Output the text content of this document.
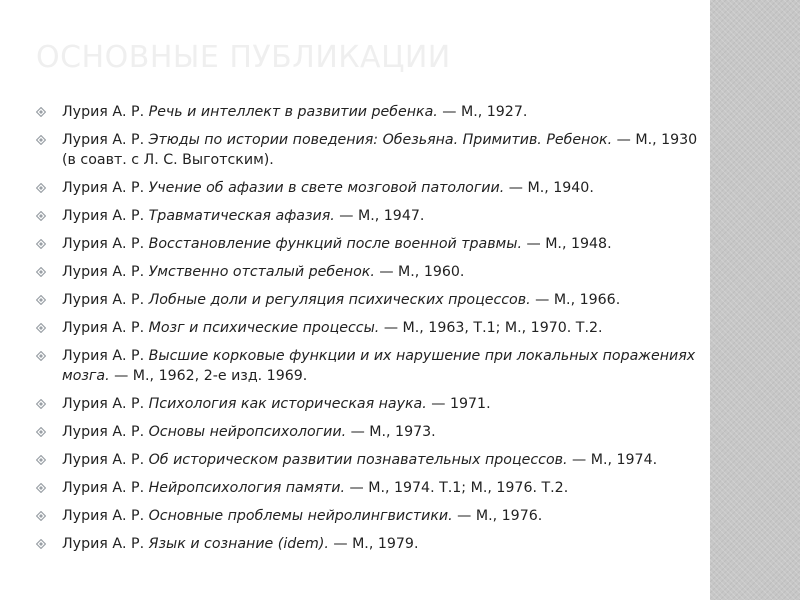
ОСНОВНЫЕ ПУБЛИКАЦИИ
Лурия А. Р. Речь и интеллект в развитии ребенка. — М., 1927.
Лурия А. Р. Этюды по истории поведения: Обезьяна. Примитив. Ребенок. — М., 1930 (в соавт. с Л. С. Выготским).
Лурия А. Р. Учение об афазии в свете мозговой патологии. — М., 1940.
Лурия А. Р. Травматическая афазия. — М., 1947.
Лурия А. Р. Восстановление функций после военной травмы. — М., 1948.
Лурия А. Р. Умственно отсталый ребенок. — М., 1960.
Лурия А. Р. Лобные доли и регуляция психических процессов. — М., 1966.
Лурия А. Р. Мозг и психические процессы. — М., 1963, Т.1; М., 1970. Т.2.
Лурия А. Р. Высшие корковые функции и их нарушение при локальных поражениях мозга. — М., 1962, 2-е изд. 1969.
Лурия А. Р. Психология как историческая наука. — 1971.
Лурия А. Р. Основы нейропсихологии. — М., 1973.
Лурия А. Р. Об историческом развитии познавательных процессов. — М., 1974.
Лурия А. Р. Нейропсихология памяти. — М., 1974. Т.1; М., 1976. Т.2.
Лурия А. Р. Основные проблемы нейролингвистики. — М., 1976.
Лурия А. Р. Язык и сознание (idem). — М., 1979.
